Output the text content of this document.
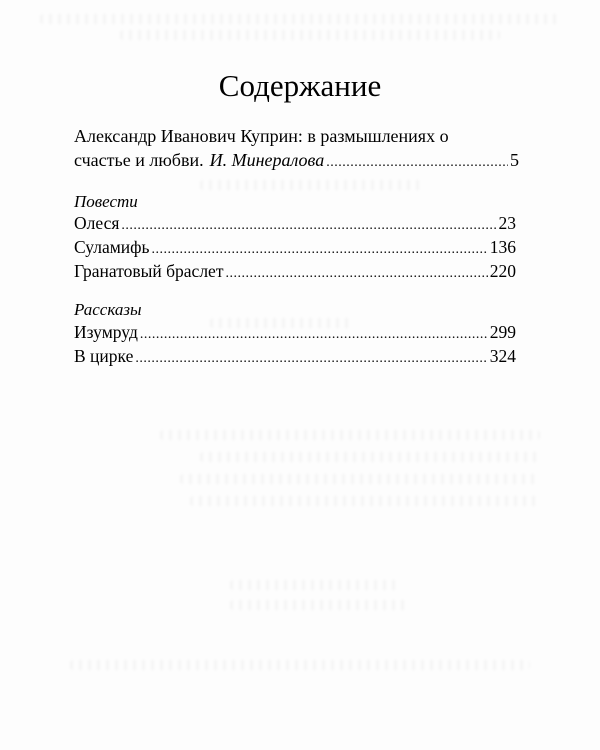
Содержание
Александр Иванович Куприн: в размышлениях о
счастье и любви. И. Минералова .....	5
Повести
Олеся .....	23
Суламифь .....	136
Гранатовый браслет .....	220
Рассказы
Изумруд .....	299
В цирке .....	324
